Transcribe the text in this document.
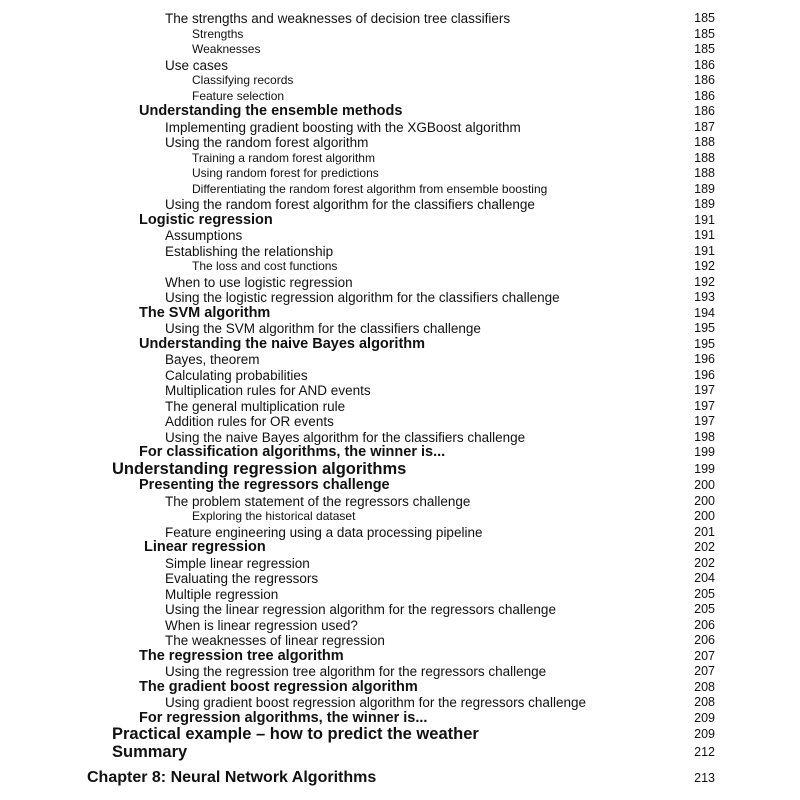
The strengths and weaknesses of decision tree classifiers	185
Strengths	185
Weaknesses	185
Use cases	186
Classifying records	186
Feature selection	186
Understanding the ensemble methods	186
Implementing gradient boosting with the XGBoost algorithm	187
Using the random forest algorithm	188
Training a random forest algorithm	188
Using random forest for predictions	188
Differentiating the random forest algorithm from ensemble boosting	189
Using the random forest algorithm for the classifiers challenge	189
Logistic regression	191
Assumptions	191
Establishing the relationship	191
The loss and cost functions	192
When to use logistic regression	192
Using the logistic regression algorithm for the classifiers challenge	193
The SVM algorithm	194
Using the SVM algorithm for the classifiers challenge	195
Understanding the naive Bayes algorithm	195
Bayes, theorem	196
Calculating probabilities	196
Multiplication rules for AND events	197
The general multiplication rule	197
Addition rules for OR events	197
Using the naive Bayes algorithm for the classifiers challenge	198
For classification algorithms, the winner is...	199
Understanding regression algorithms	199
Presenting the regressors challenge	200
The problem statement of the regressors challenge	200
Exploring the historical dataset	200
Feature engineering using a data processing pipeline	201
Linear regression	202
Simple linear regression	202
Evaluating the regressors	204
Multiple regression	205
Using the linear regression algorithm for the regressors challenge	205
When is linear regression used?	206
The weaknesses of linear regression	206
The regression tree algorithm	207
Using the regression tree algorithm for the regressors challenge	207
The gradient boost regression algorithm	208
Using gradient boost regression algorithm for the regressors challenge	208
For regression algorithms, the winner is...	209
Practical example – how to predict the weather	209
Summary	212
Chapter 8: Neural Network Algorithms	213
